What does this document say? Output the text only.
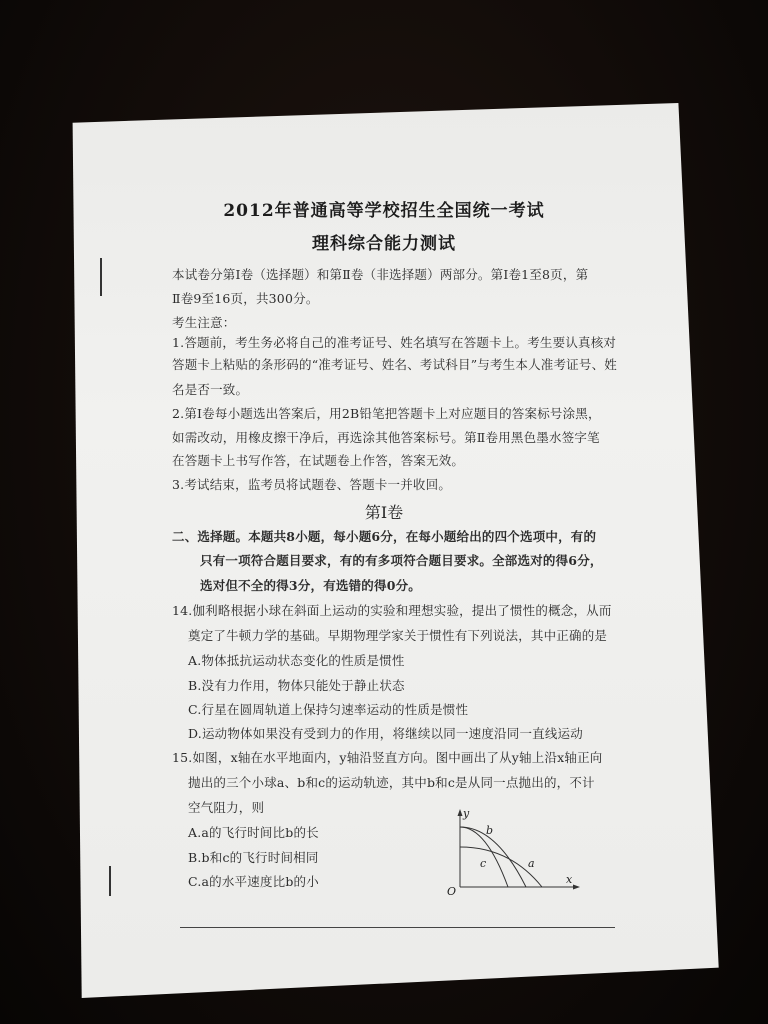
2012年普通高等学校招生全国统一考试
理科综合能力测试
本试卷分第Ⅰ卷（选择题）和第Ⅱ卷（非选择题）两部分。第Ⅰ卷1至8页，第
Ⅱ卷9至16页，共300分。
考生注意：
1.答题前，考生务必将自己的准考证号、姓名填写在答题卡上。考生要认真核对
答题卡上粘贴的条形码的“准考证号、姓名、考试科目”与考生本人准考证号、姓
名是否一致。
2.第Ⅰ卷每小题选出答案后，用2B铅笔把答题卡上对应题目的答案标号涂黑，
如需改动，用橡皮擦干净后，再选涂其他答案标号。第Ⅱ卷用黑色墨水签字笔
在答题卡上书写作答，在试题卷上作答，答案无效。
3.考试结束，监考员将试题卷、答题卡一并收回。
第Ⅰ卷
二、选择题。本题共8小题，每小题6分，在每小题给出的四个选项中，有的
只有一项符合题目要求，有的有多项符合题目要求。全部选对的得6分，
选对但不全的得3分，有选错的得0分。
14.伽利略根据小球在斜面上运动的实验和理想实验，提出了惯性的概念，从而
奠定了牛顿力学的基础。早期物理学家关于惯性有下列说法，其中正确的是
A.物体抵抗运动状态变化的性质是惯性
B.没有力作用，物体只能处于静止状态
C.行星在圆周轨道上保持匀速率运动的性质是惯性
D.运动物体如果没有受到力的作用，将继续以同一速度沿同一直线运动
15.如图，x轴在水平地面内，y轴沿竖直方向。图中画出了从y轴上沿x轴正向
抛出的三个小球a、b和c的运动轨迹，其中b和c是从同一点抛出的，不计
空气阻力，则
A.a的飞行时间比b的长
B.b和c的飞行时间相同
C.a的水平速度比b的小
y
x
O
b
c	a
